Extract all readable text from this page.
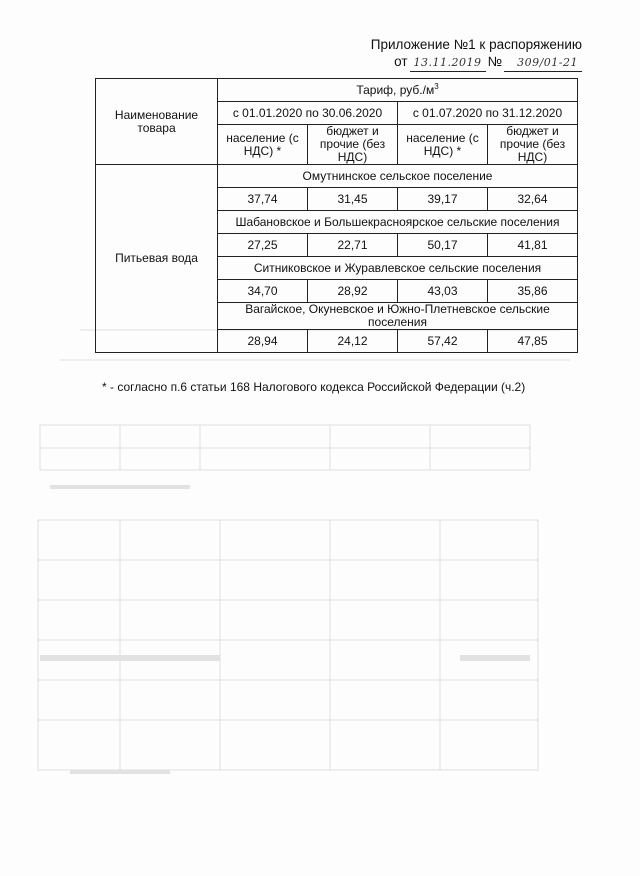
Приложение №1 к распоряжению
от 13.11.2019 №	309/01-21
Наименование товара	Тариф, $руб./м^3$
	с 01.01.2020 по 30.06.2020		с 01.07.2020 по 31.12.2020	
	население (с НДС) *	бюджет и прочие (без НДС)	население (с НДС) *	бюджет и прочие (без НДС)
Питьевая вода	Омутнинское сельское поселение			
	37,74	31,45	39,17	32,64
	Шабановское и Большекрасноярское сельские поселения			
	27,25	22,71	50,17	41,81
	Ситниковское и Журавлевское сельские поселения			
	34,70	28,92	43,03	35,86
	Вагайское, Окуневское и Южно-Плетневское сельские поселения			
	28,94	24,12	57,42	47,85
* - согласно п.6 статьи 168 Налогового кодекса Российской Федерации (ч.2)
